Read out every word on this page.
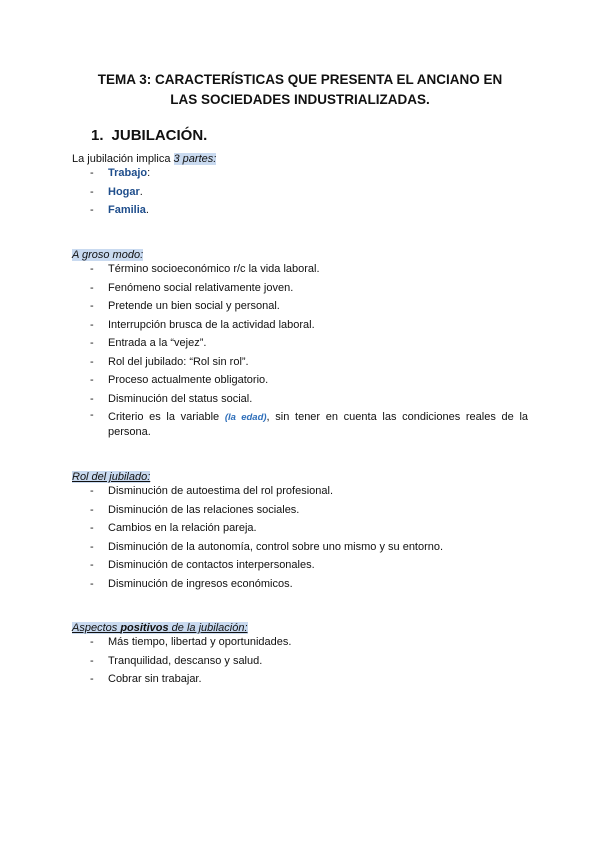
TEMA 3: CARACTERÍSTICAS QUE PRESENTA EL ANCIANO EN
LAS SOCIEDADES INDUSTRIALIZADAS.
1. JUBILACIÓN.

La jubilación implica 3 partes:

- Trabajo:
- Hogar.
- Familia.

A groso modo:

- Término socioeconómico r/c la vida laboral.
- Fenómeno social relativamente joven.
- Pretende un bien social y personal.
- Interrupción brusca de la actividad laboral.
- Entrada a la “vejez”.
- Rol del jubilado: “Rol sin rol”.
- Proceso actualmente obligatorio.
- Disminución del status social.
- Criterio es la variable (la edad), sin tener en cuenta las condiciones reales de la persona.

Rol del jubilado:

- Disminución de autoestima del rol profesional.
- Disminución de las relaciones sociales.
- Cambios en la relación pareja.
- Disminución de la autonomía, control sobre uno mismo y su entorno.
- Disminución de contactos interpersonales.
- Disminución de ingresos económicos.

Aspectos positivos de la jubilación:

- Más tiempo, libertad y oportunidades.
- Tranquilidad, descanso y salud.
- Cobrar sin trabajar.
